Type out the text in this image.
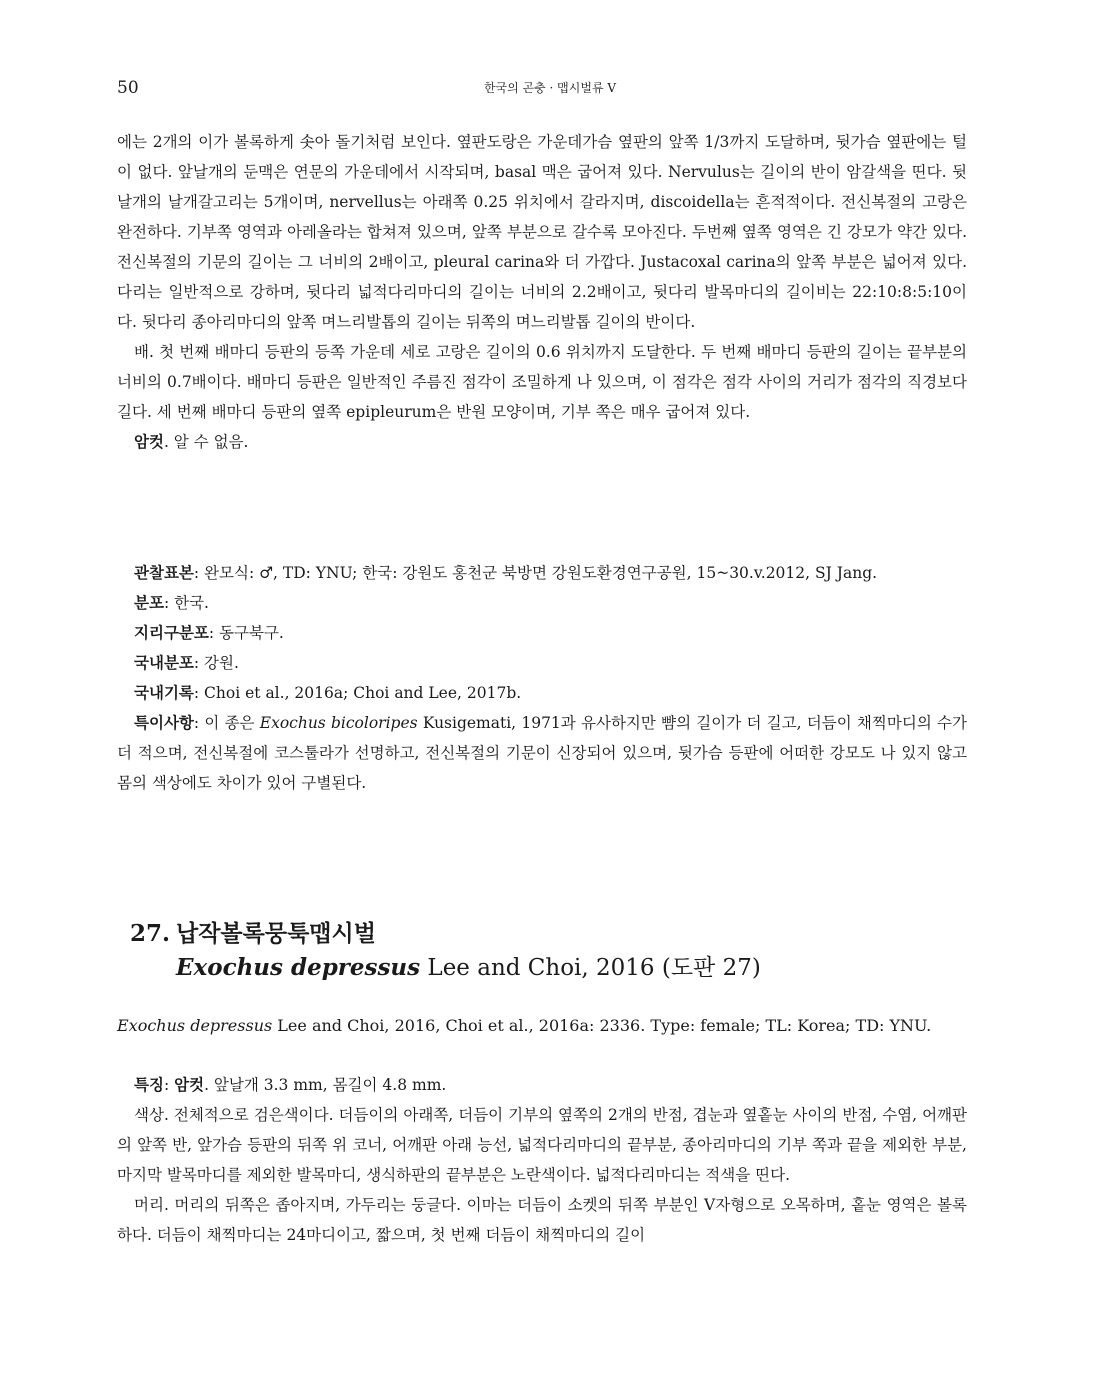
50	한국의 곤충 · 맵시벌류 V

에는 2개의 이가 볼록하게 솟아 돌기처럼 보인다. 옆판도랑은 가운데가슴 옆판의 앞쪽 1/3까지 도달하며, 뒷가슴 옆판에는 털이 없다. 앞날개의 둔맥은 연문의 가운데에서 시작되며, basal 맥은 굽어져 있다. Nervulus는 길이의 반이 암갈색을 띤다. 뒷날개의 날개갈고리는 5개이며, nervellus는 아래쪽 0.25 위치에서 갈라지며, discoidella는 흔적적이다. 전신복절의 고랑은 완전하다. 기부쪽 영역과 아레올라는 합쳐져 있으며, 앞쪽 부분으로 갈수록 모아진다. 두번째 옆쪽 영역은 긴 강모가 약간 있다. 전신복절의 기문의 길이는 그 너비의 2배이고, pleural carina와 더 가깝다. Justacoxal carina의 앞쪽 부분은 넓어져 있다. 다리는 일반적으로 강하며, 뒷다리 넓적다리마디의 길이는 너비의 2.2배이고, 뒷다리 발목마디의 길이비는 22:10:8:5:10이다. 뒷다리 종아리마디의 앞쪽 며느리발톱의 길이는 뒤쪽의 며느리발톱 길이의 반이다.

배. 첫 번째 배마디 등판의 등쪽 가운데 세로 고랑은 길이의 0.6 위치까지 도달한다. 두 번째 배마디 등판의 길이는 끝부분의 너비의 0.7배이다. 배마디 등판은 일반적인 주름진 점각이 조밀하게 나 있으며, 이 점각은 점각 사이의 거리가 점각의 직경보다 길다. 세 번째 배마디 등판의 옆쪽 epipleurum은 반원 모양이며, 기부 쪽은 매우 굽어져 있다.

암컷. 알 수 없음.

관찰표본: 완모식: ♂, TD: YNU; 한국: 강원도 홍천군 북방면 강원도환경연구공원, 15~30.v.2012, SJ Jang.

분포: 한국.

지리구분포: 동구북구.

국내분포: 강원.

국내기록: Choi et al., 2016a; Choi and Lee, 2017b.

특이사항: 이 종은 Exochus bicoloripes Kusigemati, 1971과 유사하지만 뺨의 길이가 더 길고, 더듬이 채찍마디의 수가 더 적으며, 전신복절에 코스툴라가 선명하고, 전신복절의 기문이 신장되어 있으며, 뒷가슴 등판에 어떠한 강모도 나 있지 않고 몸의 색상에도 차이가 있어 구별된다.

27. 납작볼록뭉툭맵시벌
Exochus depressus Lee and Choi, 2016 (도판 27)
Exochus depressus Lee and Choi, 2016, Choi et al., 2016a: 2336. Type: female; TL: Korea; TD: YNU.

특징: 암컷. 앞날개 3.3 mm, 몸길이 4.8 mm.

색상. 전체적으로 검은색이다. 더듬이의 아래쪽, 더듬이 기부의 옆쪽의 2개의 반점, 겹눈과 옆홑눈 사이의 반점, 수염, 어깨판의 앞쪽 반, 앞가슴 등판의 뒤쪽 위 코너, 어깨판 아래 능선, 넓적다리마디의 끝부분, 종아리마디의 기부 쪽과 끝을 제외한 부분, 마지막 발목마디를 제외한 발목마디, 생식하판의 끝부분은 노란색이다. 넓적다리마디는 적색을 띤다.

머리. 머리의 뒤쪽은 좁아지며, 가두리는 둥글다. 이마는 더듬이 소켓의 뒤쪽 부분인 V자형으로 오목하며, 홑눈 영역은 볼록하다. 더듬이 채찍마디는 24마디이고, 짧으며, 첫 번째 더듬이 채찍마디의 길이
